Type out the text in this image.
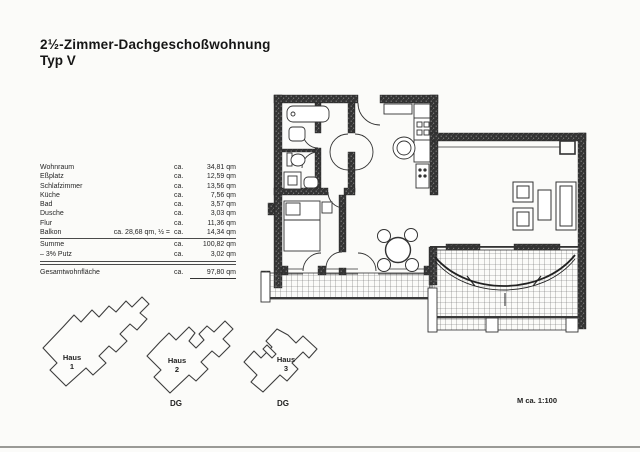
2½-Zimmer-Dachgeschoßwohnung
Typ V
Wohnraum	ca.	34,81 qm
Eßplatz	ca.	12,59 qm
Schlafzimmer	ca.	13,56 qm
Küche	ca.	7,56 qm
Bad	ca.	3,57 qm
Dusche	ca.	3,03 qm
Flur	ca.	11,36 qm
Balkon	ca. 28,68 qm, ½ = ca.	14,34 qm
Summe	ca.	100,82 qm
– 3% Putz	ca.	3,02 qm
Gesamtwohnfläche	ca.	97,80 qm
Haus
1
Haus
2
Haus
3
DG	DG	M ca. 1:100
